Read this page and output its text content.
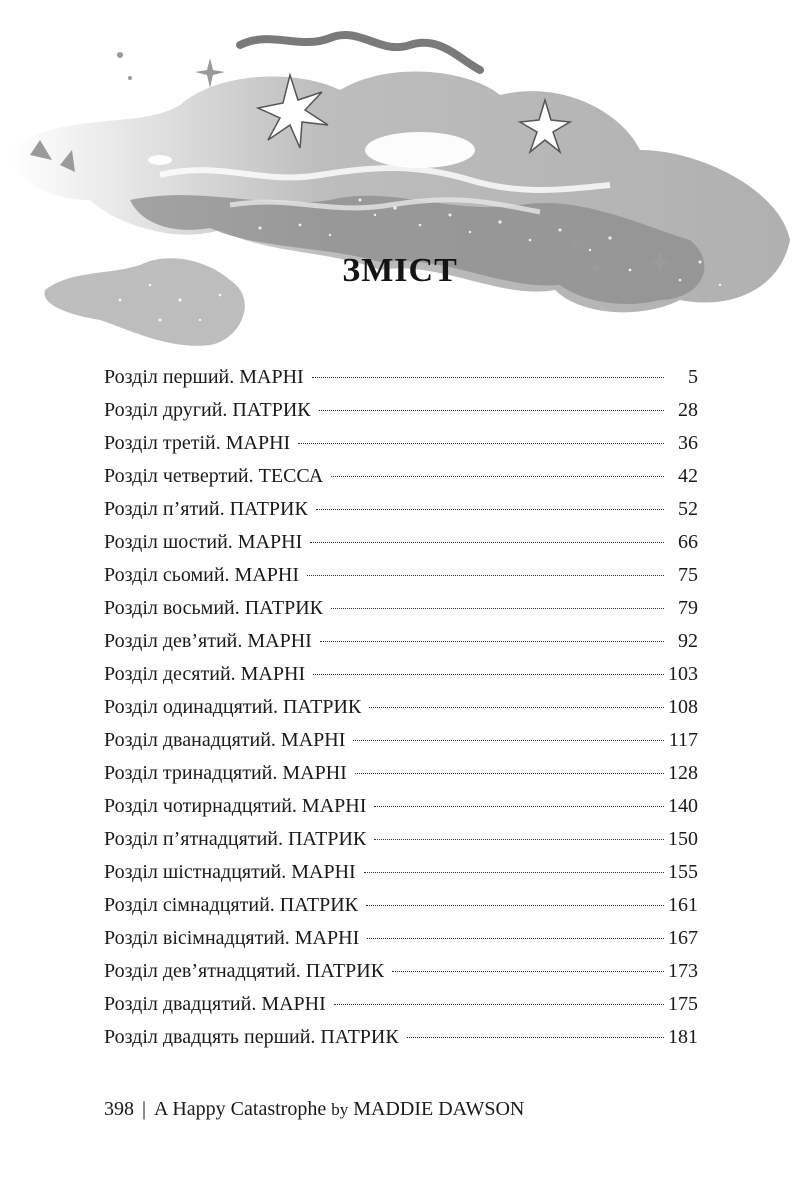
ЗМІСТ
Розділ перший. МАРНІ	5
Розділ другий. ПАТРИК	28
Розділ третій. МАРНІ	36
Розділ четвертий. ТЕССА	42
Розділ п’ятий. ПАТРИК	52
Розділ шостий. МАРНІ	66
Розділ сьомий. МАРНІ	75
Розділ восьмий. ПАТРИК	79
Розділ дев’ятий. МАРНІ	92
Розділ десятий. МАРНІ	103
Розділ одинадцятий. ПАТРИК	108
Розділ дванадцятий. МАРНІ	117
Розділ тринадцятий. МАРНІ	128
Розділ чотирнадцятий. МАРНІ	140
Розділ п’ятнадцятий. ПАТРИК	150
Розділ шістнадцятий. МАРНІ	155
Розділ сімнадцятий. ПАТРИК	161
Розділ вісімнадцятий. МАРНІ	167
Розділ дев’ятнадцятий. ПАТРИК	173
Розділ двадцятий. МАРНІ	175
Розділ двадцять перший. ПАТРИК	181
398 | A Happy Catastrophe by MADDIE DAWSON
